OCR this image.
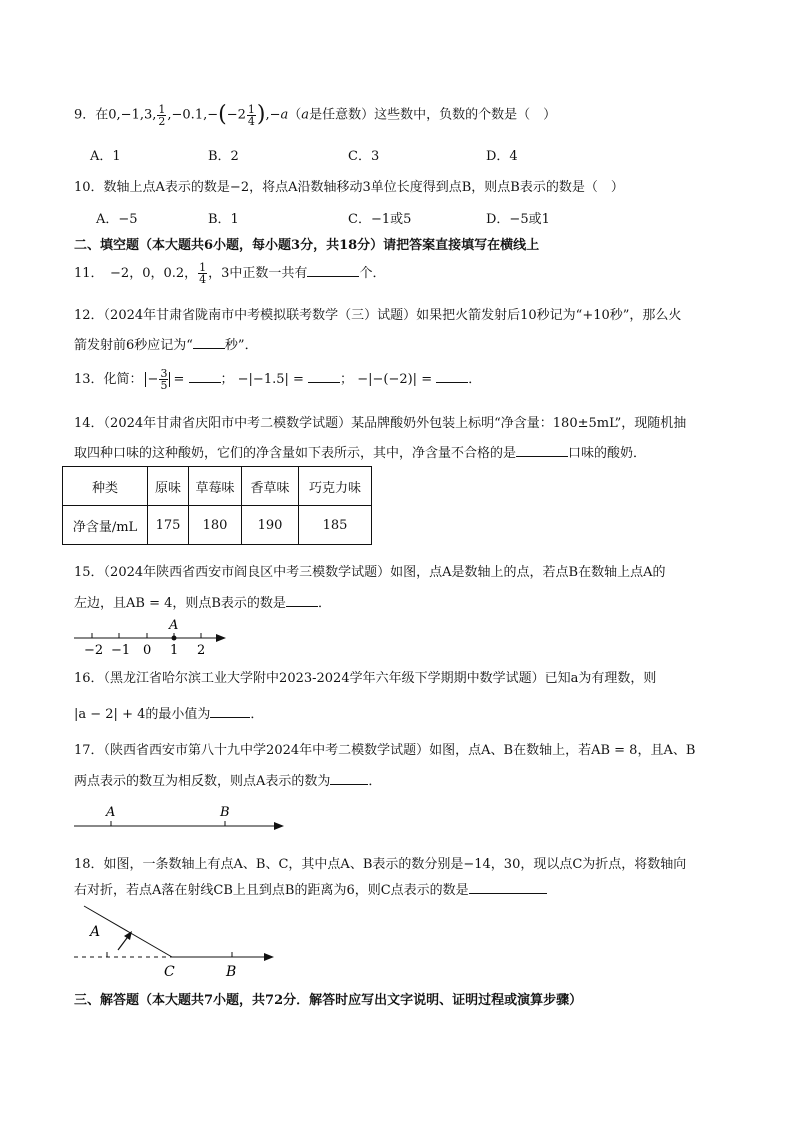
9．在0,−1,3, $\frac{1}{2} ,-0.1,-(-2 \frac{1}{4} ),-a(a$是任意数）这些数中，负数的个数是（　）
A．1	B．2	C．3	D．4
10．数轴上点A表示的数是−2，将点A沿数轴移动3单位长度得到点B，则点B表示的数是（　）
A．−5	B．1	C．−1或5	D．−5或1
二、填空题（本大题共6小题，每小题3分，共18分）请把答案直接填写在横线上
11．　−2，0，0.2， $\frac{1}{4}$ ，3中正数一共有	个．
12．（2024年甘肃省陇南市中考模拟联考数学（三）试题）如果把火箭发射后10秒记为“+10秒”，那么火
箭发射前6秒应记为“ 秒”．
13．化简： − $\frac{3}{5}$ =	； −|−1.5| =	； −|−(−2)| =	．
14．（2024年甘肃省庆阳市中考二模数学试题）某品牌酸奶外包装上标明“净含量：180±5mL”，现随机抽
取四种口味的这种酸奶，它们的净含量如下表所示，其中，净含量不合格的是	口味的酸奶．
种类	原味	草莓味	香草味	巧克力味
净含量/mL	175	180	190	185
15．（2024年陕西省西安市阎良区中考三模数学试题）如图，点A是数轴上的点，若点B在数轴上点A的
左边，且AB = 4，则点B表示的数是 ．
A
−2 −1 0 1 2
16．（黑龙江省哈尔滨工业大学附中2023-2024学年六年级下学期期中数学试题）已知a为有理数，则
|a − 2| + 4的最小值为	．
17．（陕西省西安市第八十九中学2024年中考二模数学试题）如图，点A、B在数轴上，若AB = 8，且A、B
两点表示的数互为相反数，则点A表示的数为	．
A	B
18．如图，一条数轴上有点A、B、C，其中点A、B表示的数分别是−14，30，现以点C为折点，将数轴向
右对折，若点A落在射线CB上且到点B的距离为6，则C点表示的数是
A
C	B
三、解答题（本大题共7小题，共72分．解答时应写出文字说明、证明过程或演算步骤）
